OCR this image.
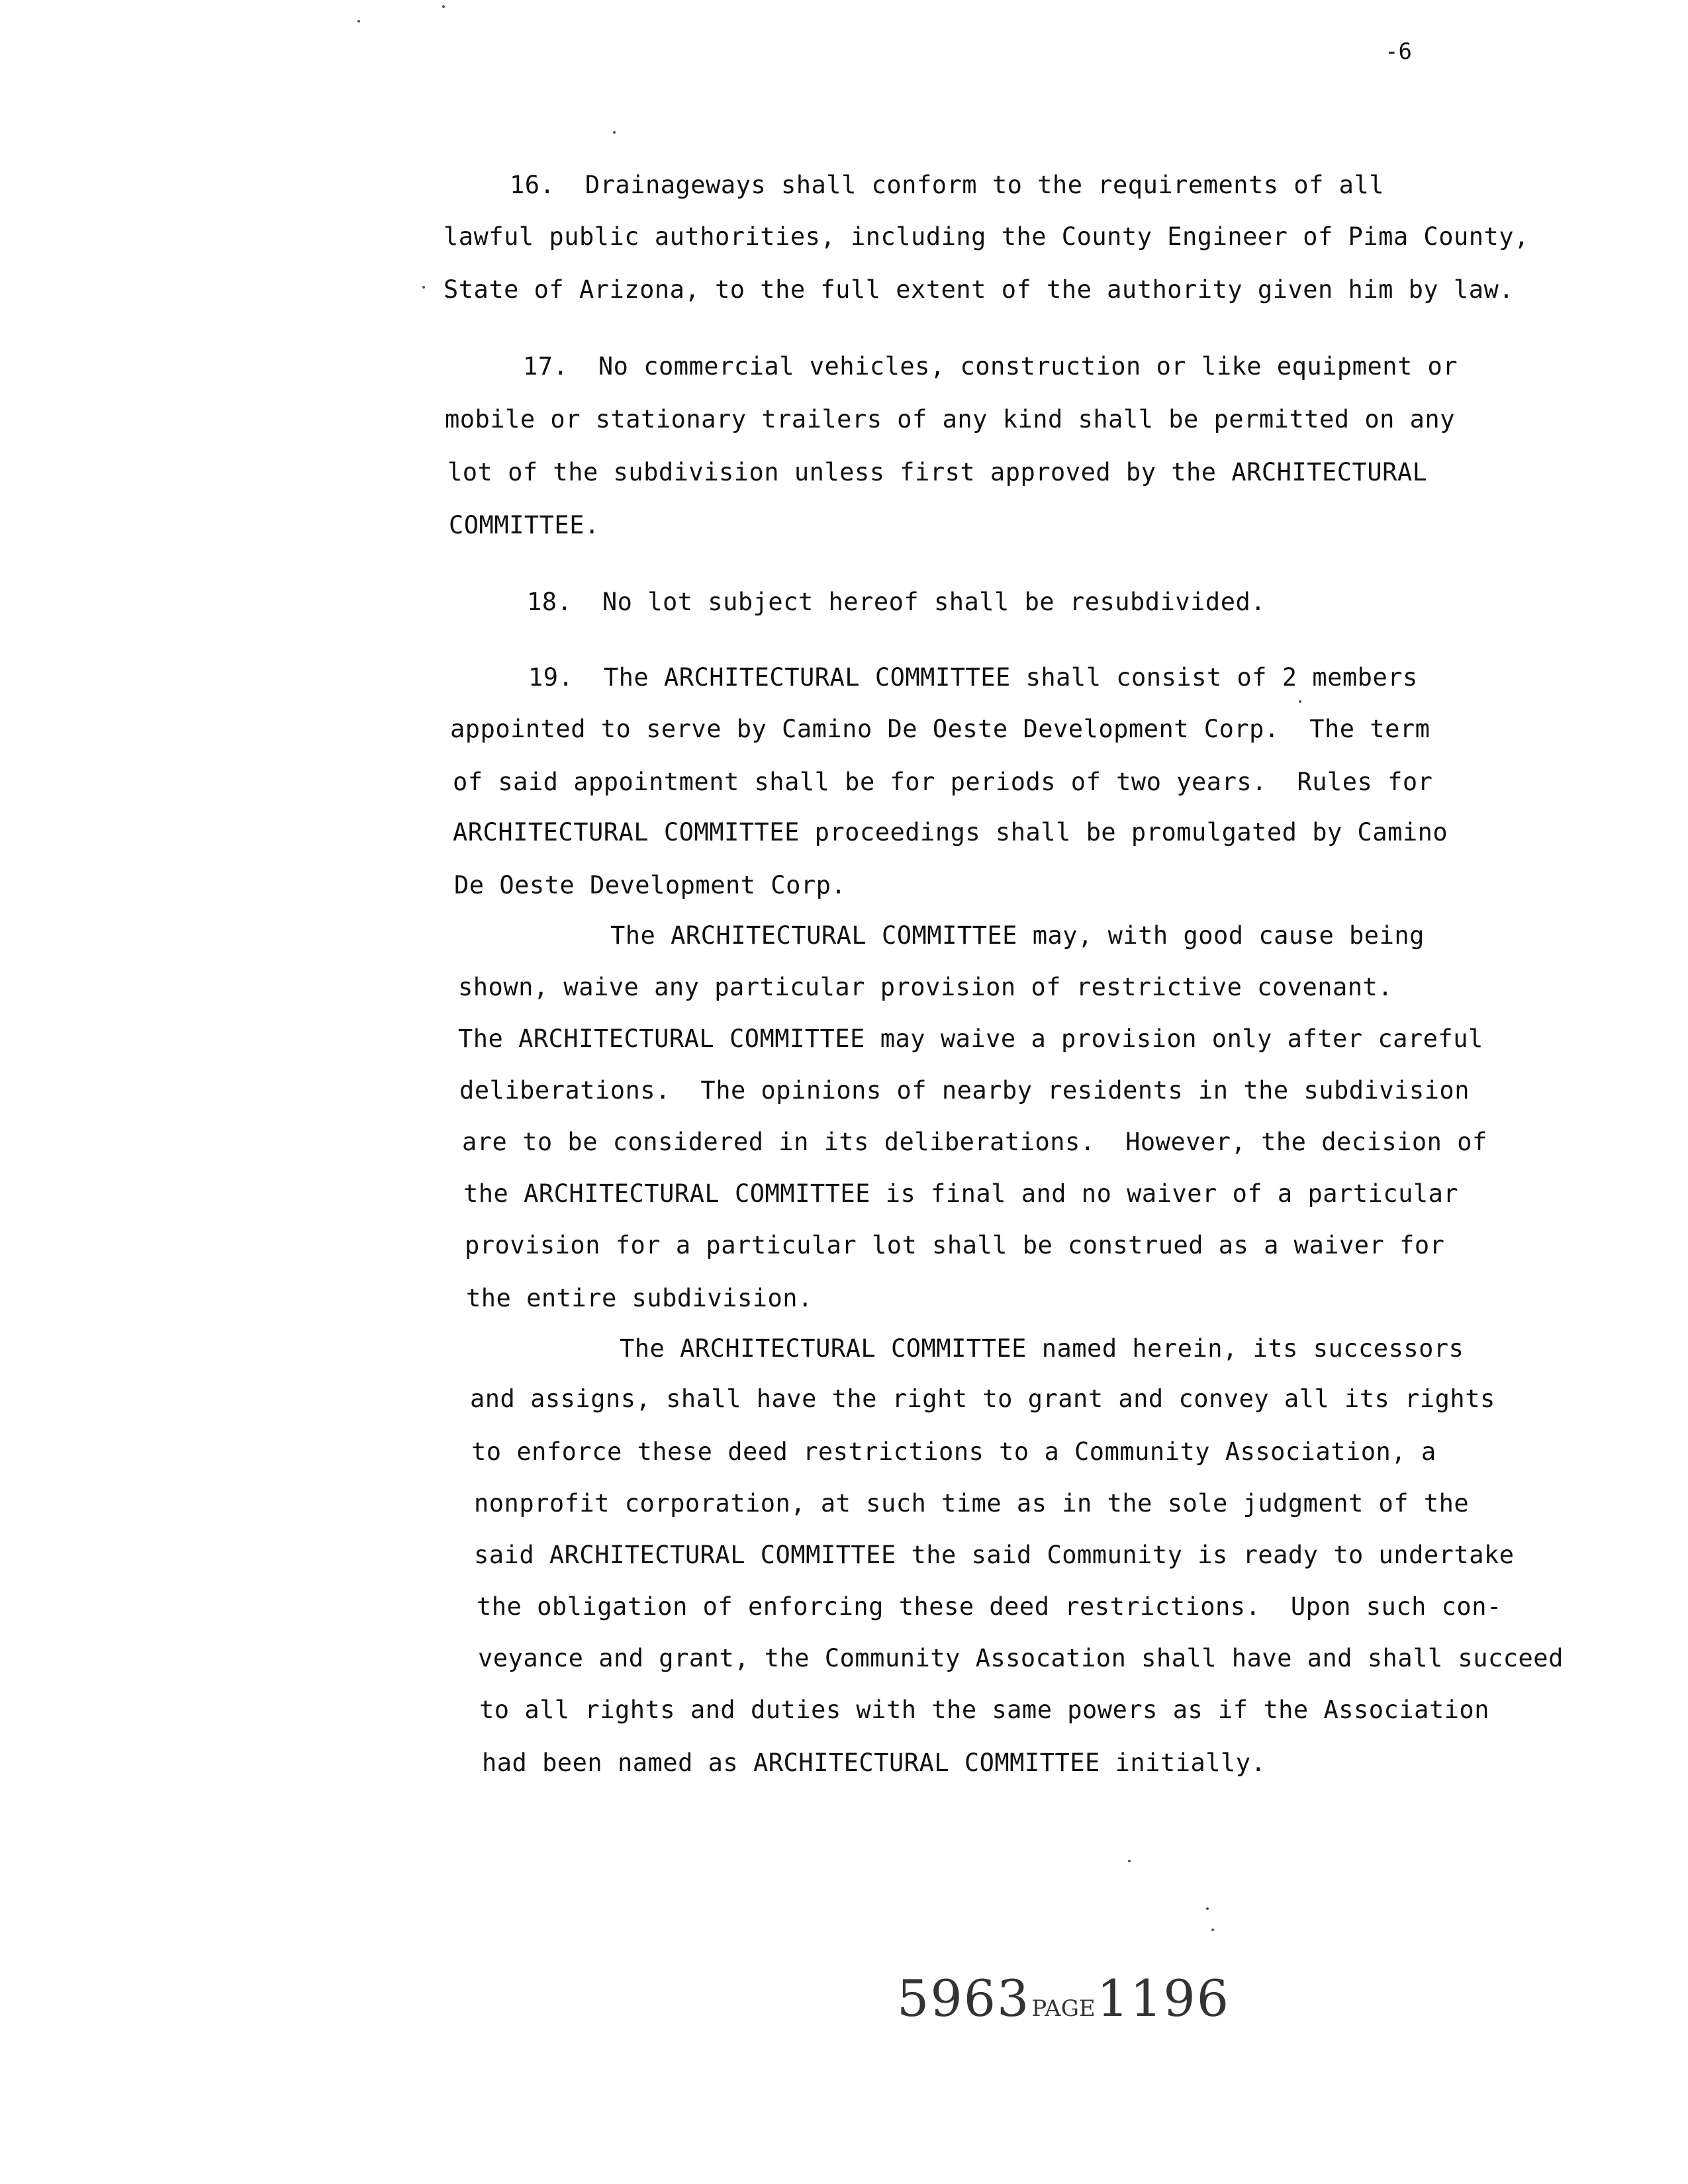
-6
16.  Drainageways shall conform to the requirements of all
lawful public authorities, including the County Engineer of Pima County,
State of Arizona, to the full extent of the authority given him by law.
17.  No commercial vehicles, construction or like equipment or
mobile or stationary trailers of any kind shall be permitted on any
lot of the subdivision unless first approved by the ARCHITECTURAL
COMMITTEE.
18.  No lot subject hereof shall be resubdivided.
19.  The ARCHITECTURAL COMMITTEE shall consist of 2 members
appointed to serve by Camino De Oeste Development Corp.  The term
of said appointment shall be for periods of two years.  Rules for
ARCHITECTURAL COMMITTEE proceedings shall be promulgated by Camino
De Oeste Development Corp.
The ARCHITECTURAL COMMITTEE may, with good cause being
shown, waive any particular provision of restrictive covenant.
The ARCHITECTURAL COMMITTEE may waive a provision only after careful
deliberations.  The opinions of nearby residents in the subdivision
are to be considered in its deliberations.  However, the decision of
the ARCHITECTURAL COMMITTEE is final and no waiver of a particular
provision for a particular lot shall be construed as a waiver for
the entire subdivision.
The ARCHITECTURAL COMMITTEE named herein, its successors
and assigns, shall have the right to grant and convey all its rights
to enforce these deed restrictions to a Community Association, a
nonprofit corporation, at such time as in the sole judgment of the
said ARCHITECTURAL COMMITTEE the said Community is ready to undertake
the obligation of enforcing these deed restrictions.  Upon such con-
veyance and grant, the Community Assocation shall have and shall succeed
to all rights and duties with the same powers as if the Association
had been named as ARCHITECTURAL COMMITTEE initially.
5963PAGE1196
